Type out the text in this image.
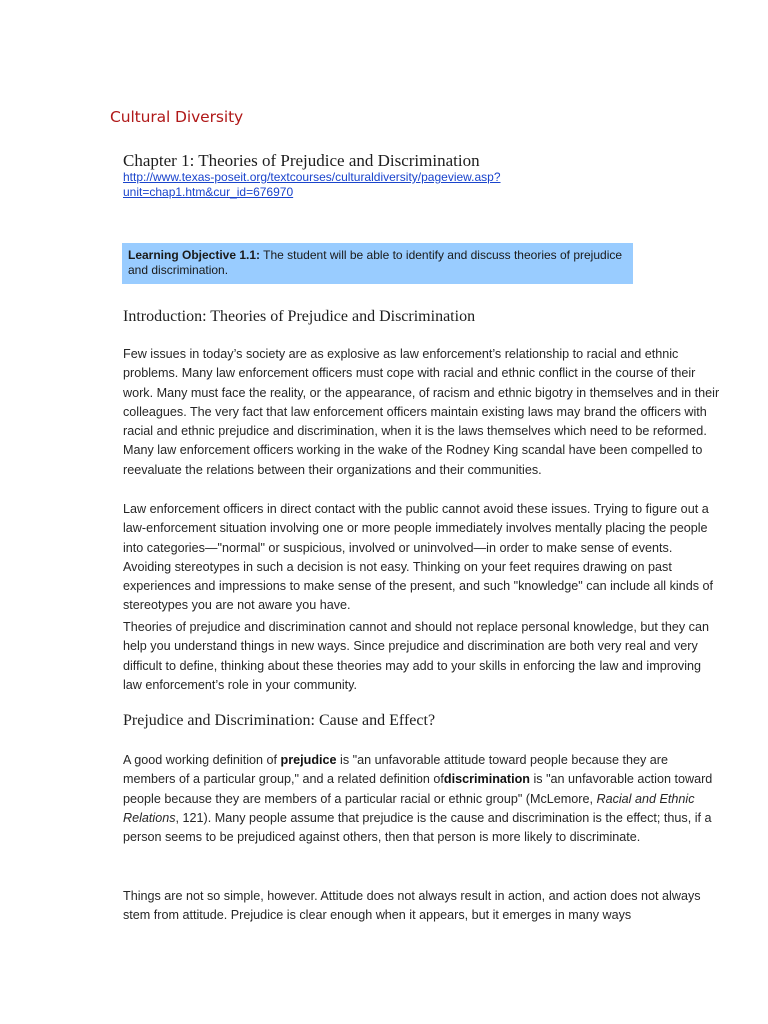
Cultural Diversity
Chapter 1: Theories of Prejudice and Discrimination
http://www.texas-poseit.org/textcourses/culturaldiversity/pageview.asp?
unit=chap1.htm&cur_id=676970
Learning Objective 1.1: The student will be able to identify and discuss theories of prejudice and discrimination.
Introduction: Theories of Prejudice and Discrimination

Few issues in today’s society are as explosive as law enforcement’s relationship to racial and ethnic problems. Many law enforcement officers must cope with racial and ethnic conflict in the course of their work. Many must face the reality, or the appearance, of racism and ethnic bigotry in themselves and in their colleagues. The very fact that law enforcement officers maintain existing laws may brand the officers with racial and ethnic prejudice and discrimination, when it is the laws themselves which need to be reformed. Many law enforcement officers working in the wake of the Rodney King scandal have been compelled to reevaluate the relations between their organizations and their communities.

Law enforcement officers in direct contact with the public cannot avoid these issues. Trying to figure out a law-enforcement situation involving one or more people immediately involves mentally placing the people into categories—"normal" or suspicious, involved or uninvolved—in order to make sense of events. Avoiding stereotypes in such a decision is not easy. Thinking on your feet requires drawing on past experiences and impressions to make sense of the present, and such "knowledge" can include all kinds of stereotypes you are not aware you have.

Theories of prejudice and discrimination cannot and should not replace personal knowledge, but they can help you understand things in new ways. Since prejudice and discrimination are both very real and very difficult to define, thinking about these theories may add to your skills in enforcing the law and improving law enforcement’s role in your community.

Prejudice and Discrimination: Cause and Effect?

A good working definition of prejudice is "an unfavorable attitude toward people because they are members of a particular group," and a related definition ofdiscrimination is "an unfavorable action toward people because they are members of a particular racial or ethnic group" (McLemore, Racial and Ethnic Relations, 121). Many people assume that prejudice is the cause and discrimination is the effect; thus, if a person seems to be prejudiced against others, then that person is more likely to discriminate.

Things are not so simple, however. Attitude does not always result in action, and action does not always stem from attitude. Prejudice is clear enough when it appears, but it emerges in many ways
